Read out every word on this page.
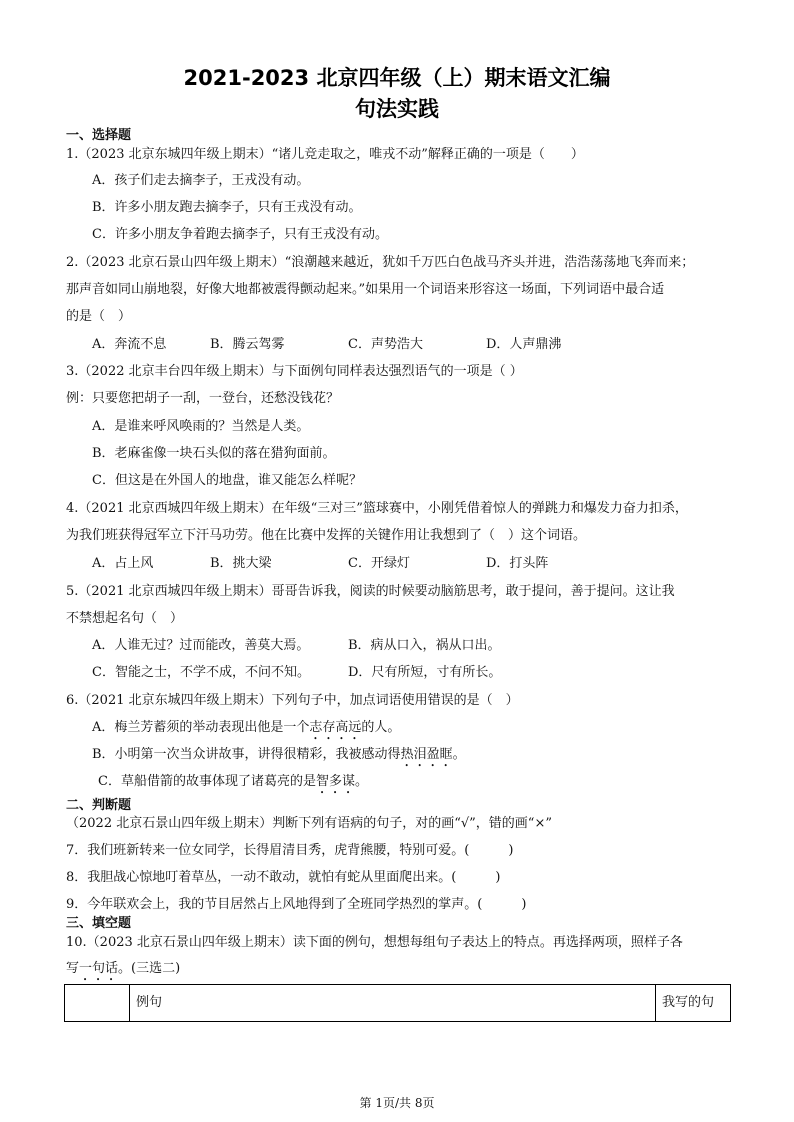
2021-2023 北京四年级（上）期末语文汇编
句法实践
一、选择题
1.（2023 北京东城四年级上期末）“诸儿竞走取之，唯戎不动”解释正确的一项是（　　）
A．孩子们走去摘李子，王戎没有动。
B．许多小朋友跑去摘李子，只有王戎没有动。
C．许多小朋友争着跑去摘李子，只有王戎没有动。
2.（2023 北京石景山四年级上期末）“浪潮越来越近，犹如千万匹白色战马齐头并进，浩浩荡荡地飞奔而来；
那声音如同山崩地裂，好像大地都被震得颤动起来。”如果用一个词语来形容这一场面，下列词语中最合适
的是（　）
A．奔流不息	B．腾云驾雾	C．声势浩大	D．人声鼎沸
3.（2022 北京丰台四年级上期末）与下面例句同样表达强烈语气的一项是（ ）
例：只要您把胡子一刮，一登台，还愁没钱花？
A．是谁来呼风唤雨的？当然是人类。
B．老麻雀像一块石头似的落在猎狗面前。
C．但这是在外国人的地盘，谁又能怎么样呢？
4.（2021 北京西城四年级上期末）在年级“三对三”篮球赛中，小刚凭借着惊人的弹跳力和爆发力奋力扣杀，
为我们班获得冠军立下汗马功劳。他在比赛中发挥的关键作用让我想到了（　）这个词语。
A．占上风	B．挑大梁	C．开绿灯	D．打头阵
5.（2021 北京西城四年级上期末）哥哥告诉我，阅读的时候要动脑筋思考，敢于提问，善于提问。这让我
不禁想起名句（　）
A．人谁无过？过而能改，善莫大焉。	B．病从口入，祸从口出。
C．智能之士，不学不成，不问不知。	D．尺有所短，寸有所长。
6.（2021 北京东城四年级上期末）下列句子中，加点词语使用错误的是（　）
A．梅兰芳蓄须的举动表现出他是一个志存高远的人。
B．小明第一次当众讲故事，讲得很精彩，我被感动得热泪盈眶。
C．草船借箭的故事体现了诸葛亮的是智多谋。
二、判断题
（2022 北京石景山四年级上期末）判断下列有语病的句子，对的画“√”，错的画“×”
7．我们班新转来一位女同学，长得眉清目秀，虎背熊腰，特别可爱。(　　　)
8．我胆战心惊地叮着草丛，一动不敢动，就怕有蛇从里面爬出来。(　　　)
9．今年联欢会上，我的节目居然占上风地得到了全班同学热烈的掌声。(　　　)
三、填空题
10.（2023 北京石景山四年级上期末）读下面的例句，想想每组句子表达上的特点。再选择两项，照样子各
写一句话。(三选二)
	例句	我写的句
第 1页/共 8页
